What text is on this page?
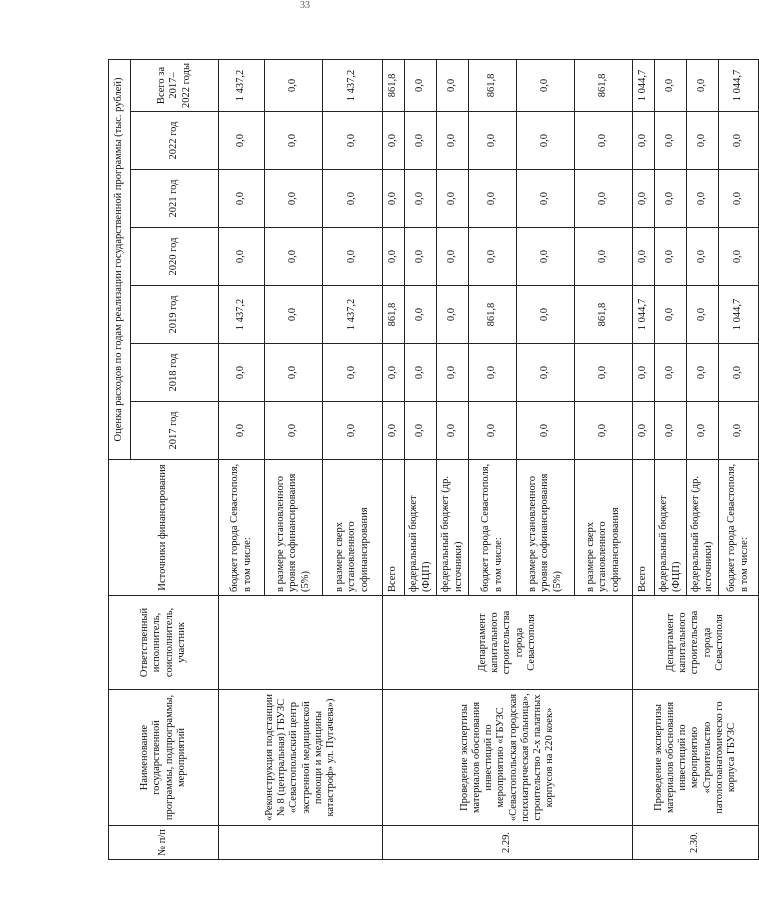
33
№ п/п	Наименование государственной программы, подпрограммы, мероприятий	Ответственный исполнитель, соисполнитель, участник	Источники финансирования	Оценка расходов по годам реализации государственной программы (тыс. рублей)						
				2017 год	2018 год	2019 год	2020 год	2021 год	2022 год	Всего за 2017–2022 годы
	«Реконструкция подстанции № 8 (центральная) ГБУЗС «Севастопольский центр экстренной медицинской помощи и медицины катастроф» ул. Пугачева»)		бюджет города Севастополя, в том числе:	0,0	0,0	1 437,2	0,0	0,0	0,0	1 437,2
			в размере установленного уровня софинансирования (5%)	0,0	0,0	0,0	0,0	0,0	0,0	0,0
			в размере сверх установленного софинансирования	0,0	0,0	1 437,2	0,0	0,0	0,0	1 437,2
2.29.	Проведение экспертизы материалов обоснования инвестиций по мероприятию «ГБУЗС «Севастопольская городская психиатрическая больница», строительство 2-х палатных корпусов на 220 коек»	Департамент капитального строительства города Севастополя	Всего	0,0	0,0	861,8	0,0	0,0	0,0	861,8
			федеральный бюджет (ФЦП)	0,0	0,0	0,0	0,0	0,0	0,0	0,0
			федеральный бюджет (др. источники)	0,0	0,0	0,0	0,0	0,0	0,0	0,0
			бюджет города Севастополя, в том числе:	0,0	0,0	861,8	0,0	0,0	0,0	861,8
			в размере установленного уровня софинансирования (5%)	0,0	0,0	0,0	0,0	0,0	0,0	0,0
			в размере сверх установленного софинансирования	0,0	0,0	861,8	0,0	0,0	0,0	861,8
2.30.	Проведение экспертизы материалов обоснования инвестиций по мероприятию «Строительство патологоанатомическо го корпуса ГБУЗС	Департамент капитального строительства города Севастополя	Всего	0,0	0,0	1 044,7	0,0	0,0	0,0	1 044,7
			федеральный бюджет (ФЦП)	0,0	0,0	0,0	0,0	0,0	0,0	0,0
			федеральный бюджет (др. источники)	0,0	0,0	0,0	0,0	0,0	0,0	0,0
			бюджет города Севастополя, в том числе:	0,0	0,0	1 044,7	0,0	0,0	0,0	1 044,7
